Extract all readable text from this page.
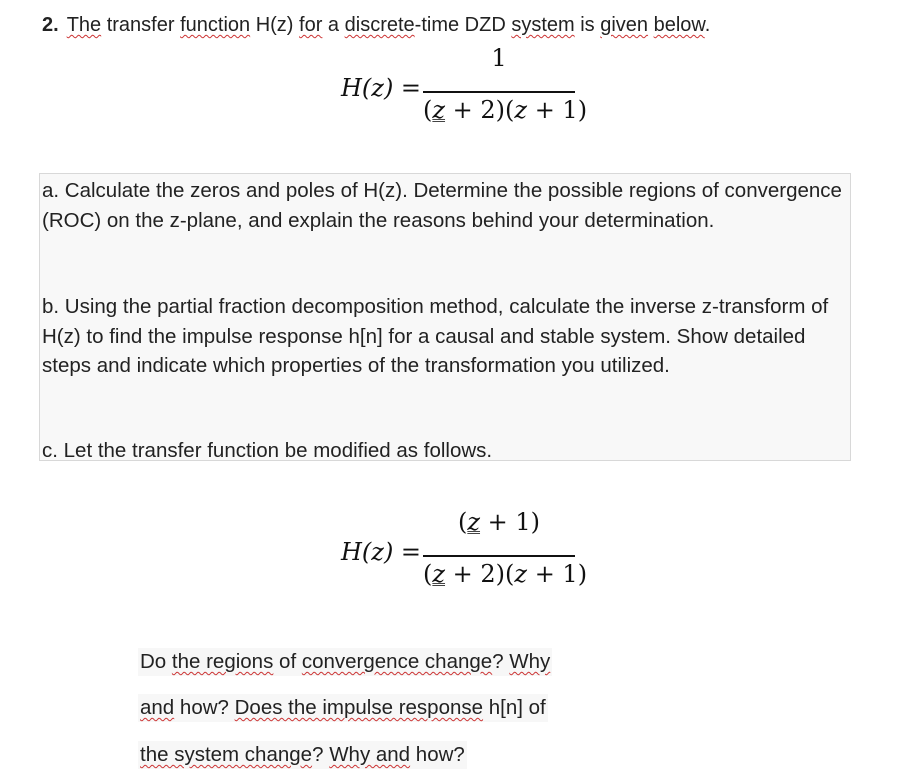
2. The transfer function H(z) for a discrete-time DZD system is given below.
H(z) =
1
(z + 2)(z + 1)
a. Calculate the zeros and poles of H(z). Determine the possible regions of convergence (ROC) on the z-plane, and explain the reasons behind your determination.
b. Using the partial fraction decomposition method, calculate the inverse z-transform of H(z) to find the impulse response h[n] for a causal and stable system. Show detailed steps and indicate which properties of the transformation you utilized.
c. Let the transfer function be modified as follows.
H(z) =
(z + 1)
(z + 2)(z + 1)
Do the regions of convergence change? Why
and how? Does the impulse response h[n] of
the system change? Why and how?
